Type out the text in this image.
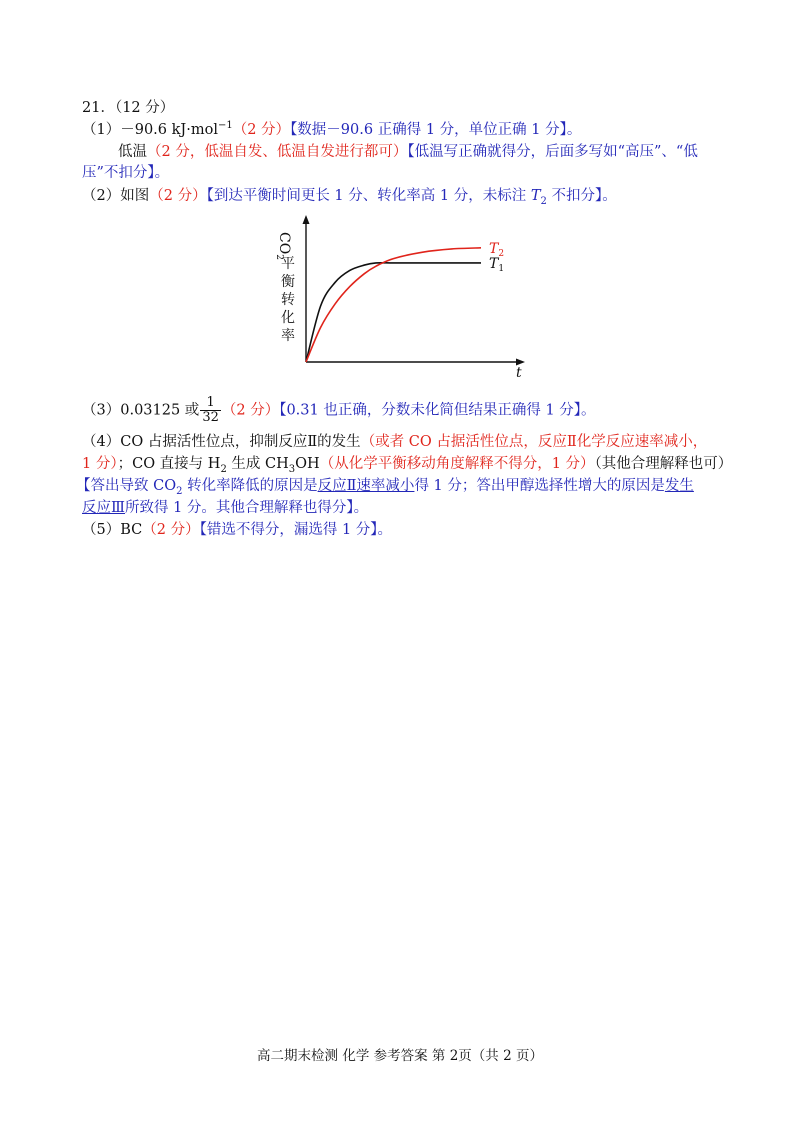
21．（12 分）
（1）－90.6 kJ·mol$^{-1}$（2 分）【数据－90.6 正确得 1 分，单位正确 1 分】。
低温（2 分，低温自发、低温自发进行都可）【低温写正确就得分，后面多写如“高压”、“低
压”不扣分】。
（2）如图（2 分）【到达平衡时间更长 1 分、转化率高 1 分，未标注 $T_2$ 不扣分】。
$CO_2$
平
衡
转
化
率
t
$T_1$
$T_2$
（3）0.03125 或 $\frac{1}{32} (2$ 分）【0.31 也正确，分数未化简但结果正确得 1 分】。
（4）CO 占据活性位点，抑制反应Ⅱ的发生（或者 CO 占据活性位点，反应Ⅱ化学反应速率减小，
1 分）；CO 直接与 $H_2$ 生成 $CH_3OH$（从化学平衡移动角度解释不得分，1 分）（其他合理解释也可）
【答出导致 $CO_2$ 转化率降低的原因是反应Ⅱ速率减小得 1 分；答出甲醇选择性增大的原因是发生
反应Ⅲ所致得 1 分。其他合理解释也得分】。
（5）BC（2 分）【错选不得分，漏选得 1 分】。
高二期末检测 化学 参考答案 第 2页（共 2 页）
